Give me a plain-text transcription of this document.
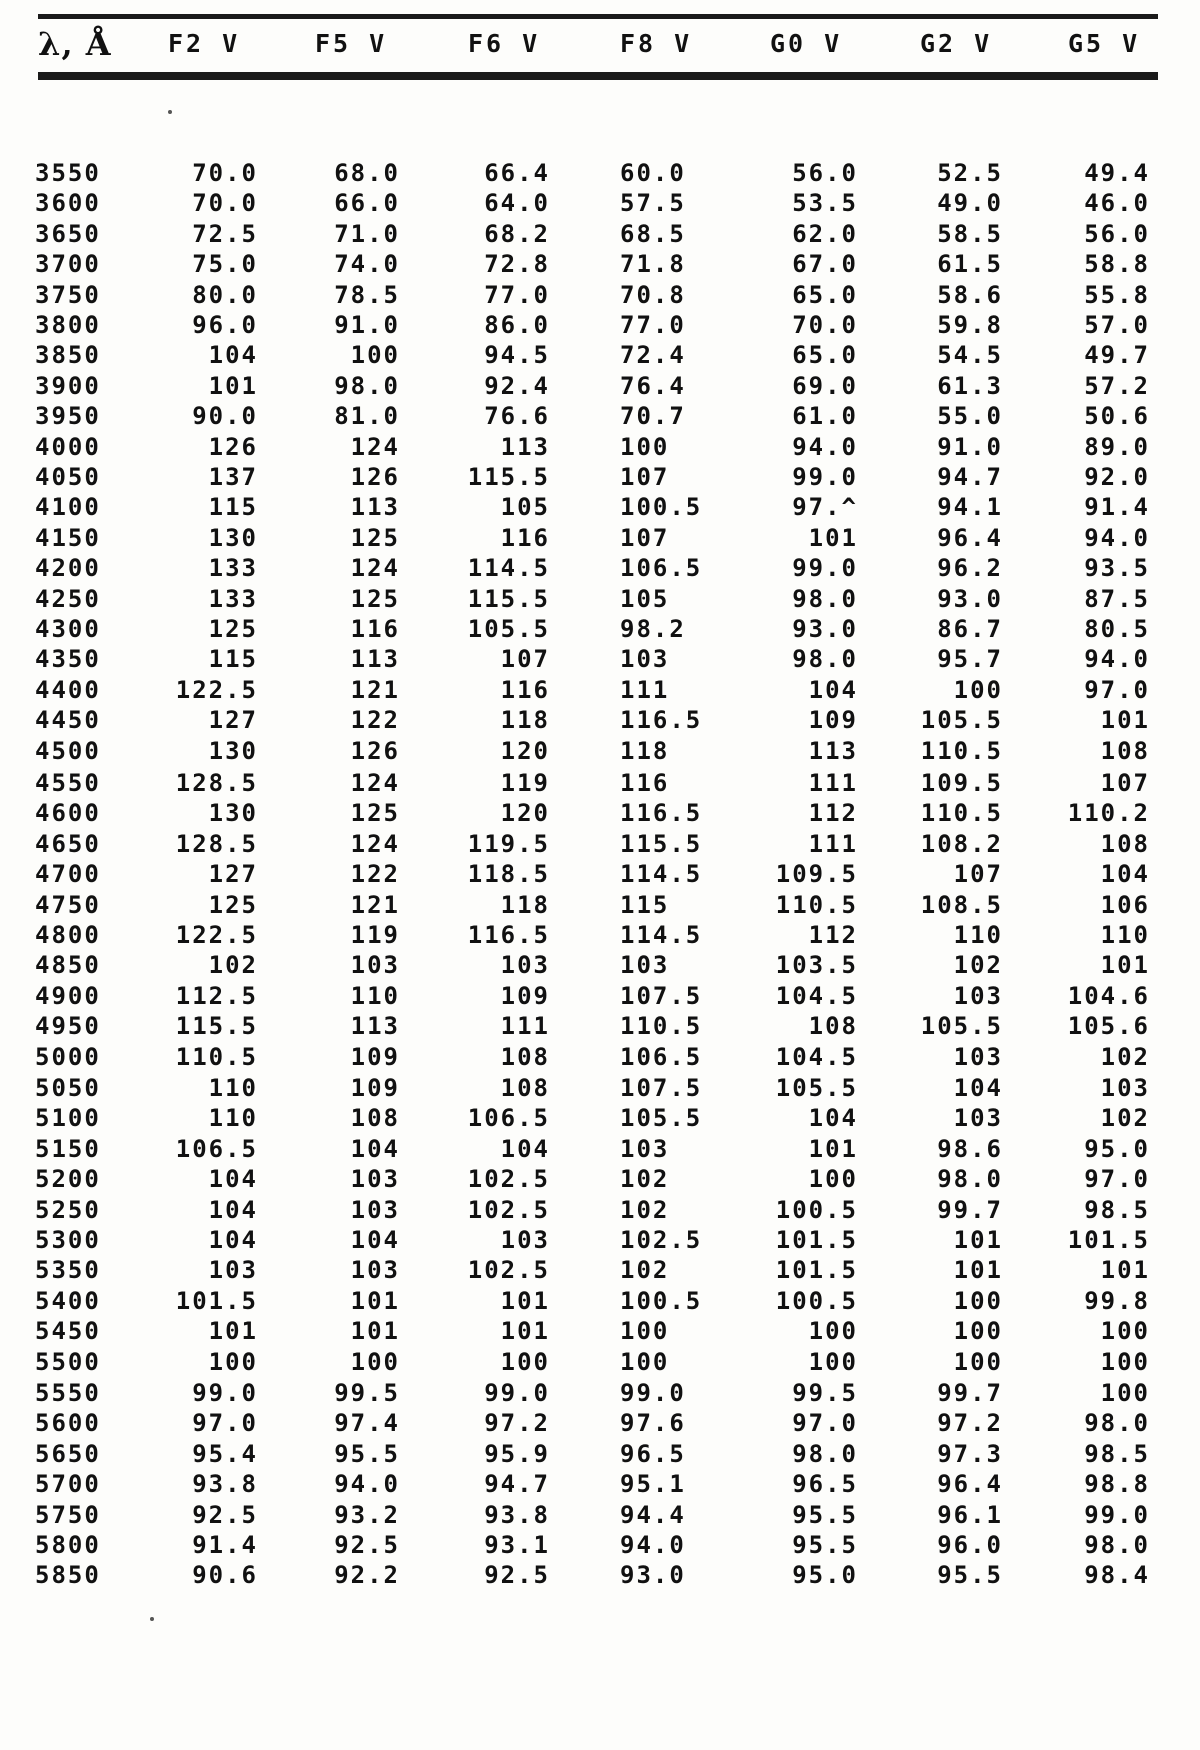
λ, Å F2 V	F5 V	F6 V	F8 V	G0 V	G2 V	G5 V
3550	70.0	68.0	66.4	60.0	56.0	52.5	49.4
3600	70.0	66.0	64.0	57.5	53.5	49.0	46.0
3650	72.5	71.0	68.2	68.5	62.0	58.5	56.0
3700	75.0	74.0	72.8	71.8	67.0	61.5	58.8
3750	80.0	78.5	77.0	70.8	65.0	58.6	55.8
3800	96.0	91.0	86.0	77.0	70.0	59.8	57.0
3850	104	100	94.5	72.4	65.0	54.5	49.7
3900	101	98.0	92.4	76.4	69.0	61.3	57.2
3950	90.0	81.0	76.6	70.7	61.0	55.0	50.6
4000	126	124	113	100	94.0	91.0	89.0
4050	137	126	115.5	107	99.0	94.7	92.0
4100	115	113	105	100.5	97.^	94.1	91.4
4150	130	125	116	107	101	96.4	94.0
4200	133	124	114.5	106.5	99.0	96.2	93.5
4250	133	125	115.5	105	98.0	93.0	87.5
4300	125	116	105.5	98.2	93.0	86.7	80.5
4350	115	113	107	103	98.0	95.7	94.0
4400	122.5	121	116	111	104	100	97.0
4450	127	122	118	116.5	109	105.5	101
4500	130	126	120	118	113	110.5	108
4550	128.5	124	119	116	111	109.5	107
4600	130	125	120	116.5	112	110.5	110.2
4650	128.5	124	119.5	115.5	111	108.2	108
4700	127	122	118.5	114.5	109.5	107	104
4750	125	121	118	115	110.5	108.5	106
4800	122.5	119	116.5	114.5	112	110	110
4850	102	103	103	103	103.5	102	101
4900	112.5	110	109	107.5	104.5	103	104.6
4950	115.5	113	111	110.5	108	105.5	105.6
5000	110.5	109	108	106.5	104.5	103	102
5050	110	109	108	107.5	105.5	104	103
5100	110	108	106.5	105.5	104	103	102
5150	106.5	104	104	103	101	98.6	95.0
5200	104	103	102.5	102	100	98.0	97.0
5250	104	103	102.5	102	100.5	99.7	98.5
5300	104	104	103	102.5	101.5	101	101.5
5350	103	103	102.5	102	101.5	101	101
5400	101.5	101	101	100.5	100.5	100	99.8
5450	101	101	101	100	100	100	100
5500	100	100	100	100	100	100	100
5550	99.0	99.5	99.0	99.0	99.5	99.7	100
5600	97.0	97.4	97.2	97.6	97.0	97.2	98.0
5650	95.4	95.5	95.9	96.5	98.0	97.3	98.5
5700	93.8	94.0	94.7	95.1	96.5	96.4	98.8
5750	92.5	93.2	93.8	94.4	95.5	96.1	99.0
5800	91.4	92.5	93.1	94.0	95.5	96.0	98.0
5850	90.6	92.2	92.5	93.0	95.0	95.5	98.4
